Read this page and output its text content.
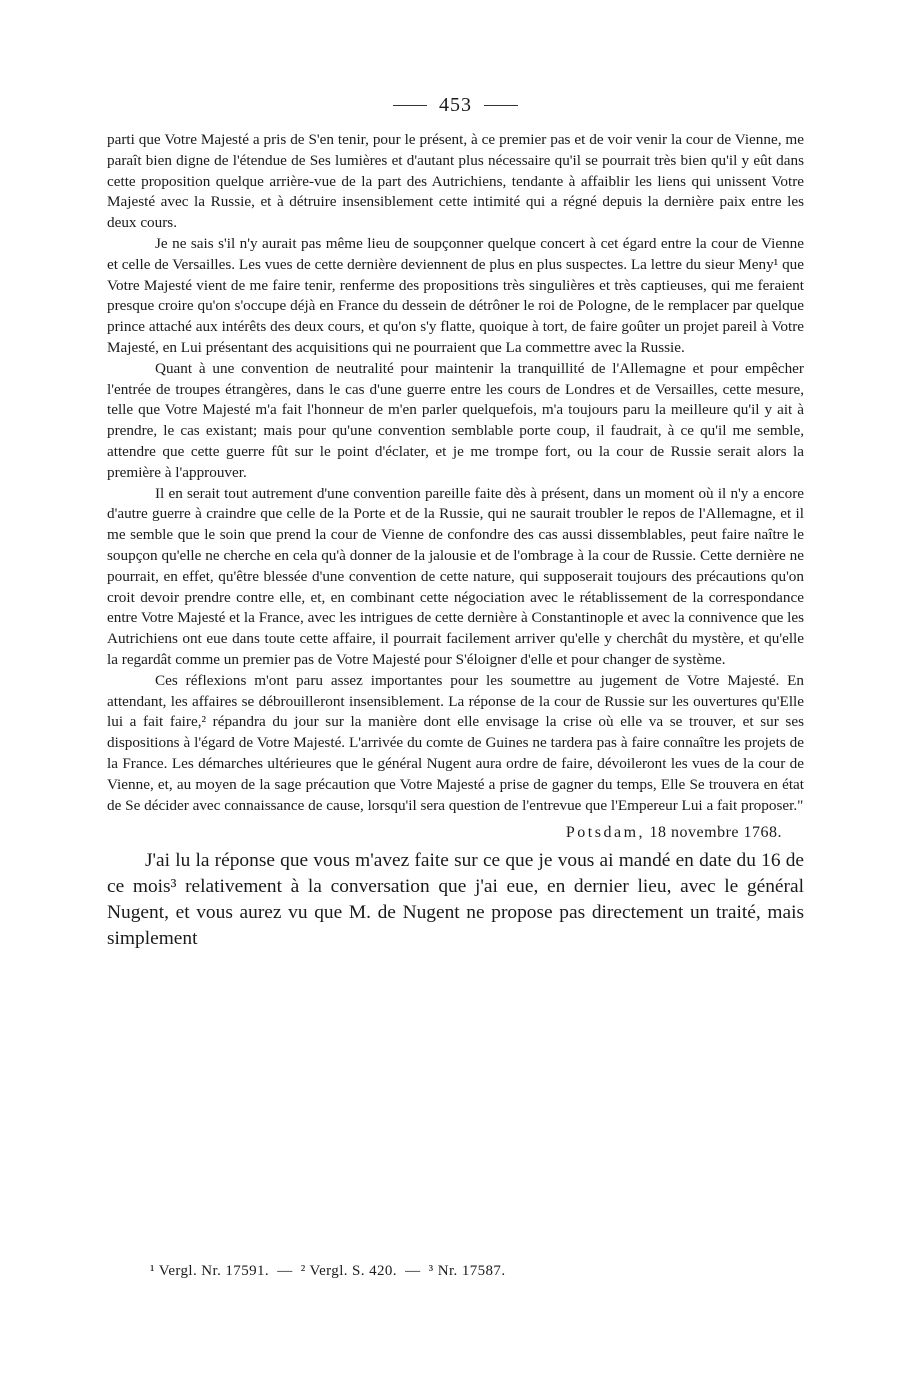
453

parti que Votre Majesté a pris de S'en tenir, pour le présent, à ce premier pas et de voir venir la cour de Vienne, me paraît bien digne de l'étendue de Ses lumières et d'autant plus nécessaire qu'il se pourrait très bien qu'il y eût dans cette proposition quelque arrière-vue de la part des Autrichiens, tendante à affaiblir les liens qui unissent Votre Majesté avec la Russie, et à détruire insensiblement cette intimité qui a régné depuis la dernière paix entre les deux cours.

Je ne sais s'il n'y aurait pas même lieu de soupçonner quelque concert à cet égard entre la cour de Vienne et celle de Versailles. Les vues de cette dernière deviennent de plus en plus suspectes. La lettre du sieur Meny¹ que Votre Majesté vient de me faire tenir, renferme des propositions très singulières et très captieuses, qui me feraient presque croire qu'on s'occupe déjà en France du dessein de détrôner le roi de Pologne, de le remplacer par quelque prince attaché aux intérêts des deux cours, et qu'on s'y flatte, quoique à tort, de faire goûter un projet pareil à Votre Majesté, en Lui présentant des acquisitions qui ne pourraient que La commettre avec la Russie.

Quant à une convention de neutralité pour maintenir la tranquillité de l'Allemagne et pour empêcher l'entrée de troupes étrangères, dans le cas d'une guerre entre les cours de Londres et de Versailles, cette mesure, telle que Votre Majesté m'a fait l'honneur de m'en parler quelquefois, m'a toujours paru la meilleure qu'il y ait à prendre, le cas existant; mais pour qu'une convention semblable porte coup, il faudrait, à ce qu'il me semble, attendre que cette guerre fût sur le point d'éclater, et je me trompe fort, ou la cour de Russie serait alors la première à l'approuver.

Il en serait tout autrement d'une convention pareille faite dès à présent, dans un moment où il n'y a encore d'autre guerre à craindre que celle de la Porte et de la Russie, qui ne saurait troubler le repos de l'Allemagne, et il me semble que le soin que prend la cour de Vienne de confondre des cas aussi dissemblables, peut faire naître le soupçon qu'elle ne cherche en cela qu'à donner de la jalousie et de l'ombrage à la cour de Russie. Cette dernière ne pourrait, en effet, qu'être blessée d'une convention de cette nature, qui supposerait toujours des précautions qu'on croit devoir prendre contre elle, et, en combinant cette négociation avec le rétablissement de la correspondance entre Votre Majesté et la France, avec les intrigues de cette dernière à Constantinople et avec la connivence que les Autrichiens ont eue dans toute cette affaire, il pourrait facilement arriver qu'elle y cherchât du mystère, et qu'elle la regardât comme un premier pas de Votre Majesté pour S'éloigner d'elle et pour changer de système.

Ces réflexions m'ont paru assez importantes pour les soumettre au jugement de Votre Majesté. En attendant, les affaires se débrouilleront insensiblement. La réponse de la cour de Russie sur les ouvertures qu'Elle lui a fait faire,² répandra du jour sur la manière dont elle envisage la crise où elle va se trouver, et sur ses dispositions à l'égard de Votre Majesté. L'arrivée du comte de Guines ne tardera pas à faire connaître les projets de la France. Les démarches ultérieures que le général Nugent aura ordre de faire, dévoileront les vues de la cour de Vienne, et, au moyen de la sage précaution que Votre Majesté a prise de gagner du temps, Elle Se trouvera en état de Se décider avec connaissance de cause, lorsqu'il sera question de l'entrevue que l'Empereur Lui a fait proposer."

Potsdam, 18 novembre 1768.

J'ai lu la réponse que vous m'avez faite sur ce que je vous ai mandé en date du 16 de ce mois³ relativement à la conversation que j'ai eue, en dernier lieu, avec le général Nugent, et vous aurez vu que M. de Nugent ne propose pas directement un traité, mais simplement

¹ Vergl. Nr. 17591. — ² Vergl. S. 420. — ³ Nr. 17587.
